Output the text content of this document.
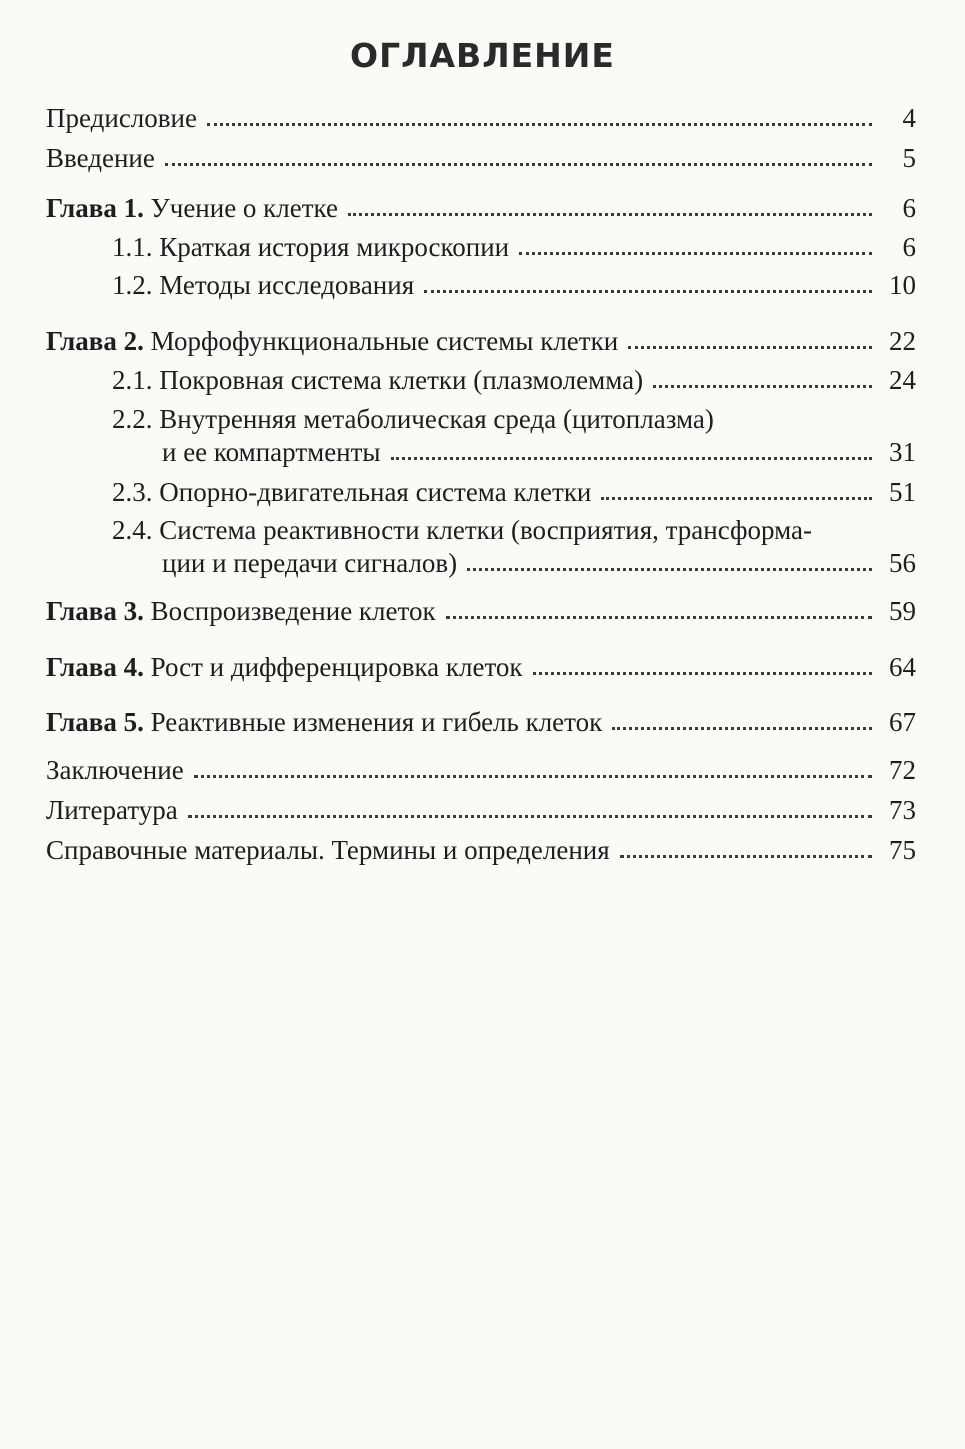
ОГЛАВЛЕНИЕ
Предисловие	4
Введение	5
Глава 1. Учение о клетке	6
1.1. Краткая история микроскопии	6
1.2. Методы исследования	10
Глава 2. Морфофункциональные системы клетки	22
2.1. Покровная система клетки (плазмолемма)	24
2.2. Внутренняя метаболическая среда (цитоплазма)
и ее компартменты	31
2.3. Опорно-двигательная система клетки	51
2.4. Система реактивности клетки (восприятия, трансформа-
ции и передачи сигналов)	56
Глава 3. Воспроизведение клеток	59
Глава 4. Рост и дифференцировка клеток	64
Глава 5. Реактивные изменения и гибель клеток	67
Заключение	72
Литература	73
Справочные материалы. Термины и определения	75
